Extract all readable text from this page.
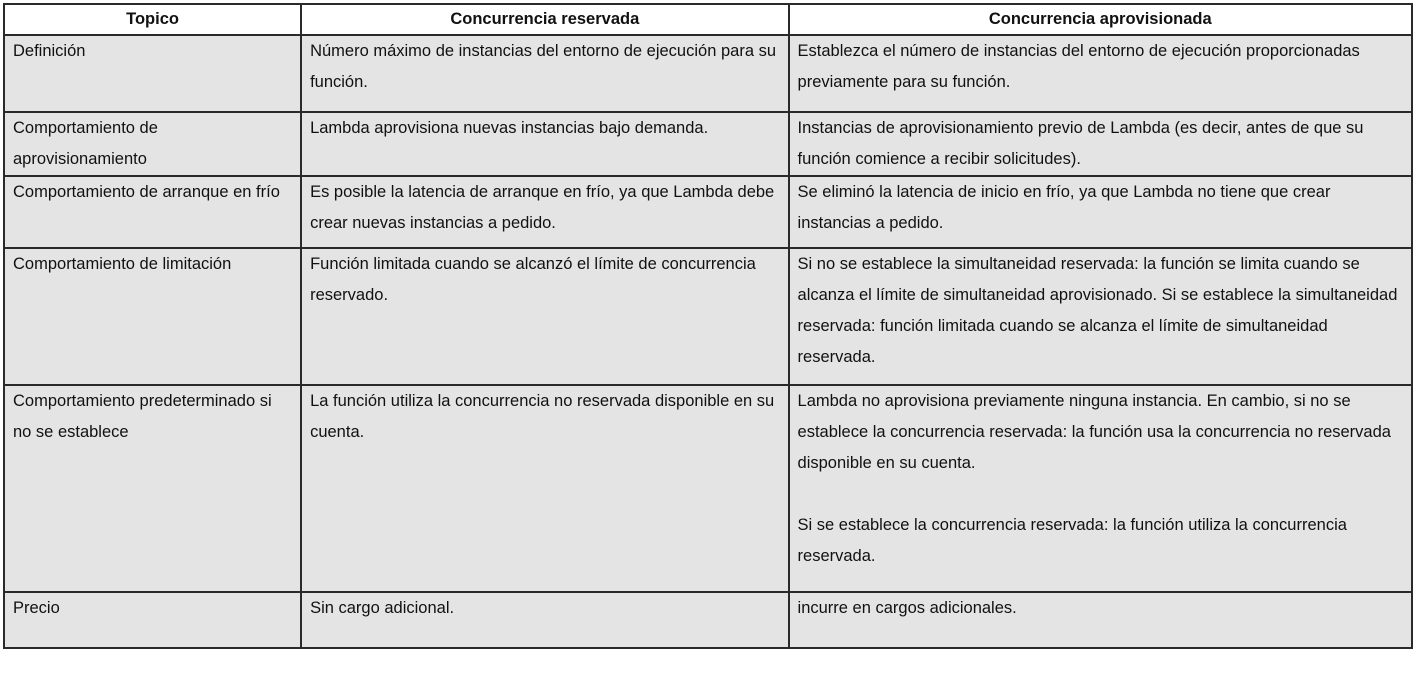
Topico	Concurrencia reservada	Concurrencia aprovisionada
Definición	Número máximo de instancias del entorno de ejecución para su función.	Establezca el número de instancias del entorno de ejecución proporcionadas previamente para su función.
Comportamiento de aprovisionamiento	Lambda aprovisiona nuevas instancias bajo demanda.	Instancias de aprovisionamiento previo de Lambda (es decir, antes de que su función comience a recibir solicitudes).
Comportamiento de arranque en frío	Es posible la latencia de arranque en frío, ya que Lambda debe crear nuevas instancias a pedido.	Se eliminó la latencia de inicio en frío, ya que Lambda no tiene que crear instancias a pedido.
Comportamiento de limitación	Función limitada cuando se alcanzó el límite de concurrencia reservado.	Si no se establece la simultaneidad reservada: la función se limita cuando se alcanza el límite de simultaneidad aprovisionado. Si se establece la simultaneidad reservada: función limitada cuando se alcanza el límite de simultaneidad reservada.
Comportamiento predeterminado si no se establece	La función utiliza la concurrencia no reservada disponible en su cuenta.	Lambda no aprovisiona previamente ninguna instancia. En cambio, si no se establece la concurrencia reservada: la función usa la concurrencia no reservada disponible en su cuenta.

Si se establece la concurrencia reservada: la función utiliza la concurrencia reservada.

Precio	Sin cargo adicional.	incurre en cargos adicionales.
